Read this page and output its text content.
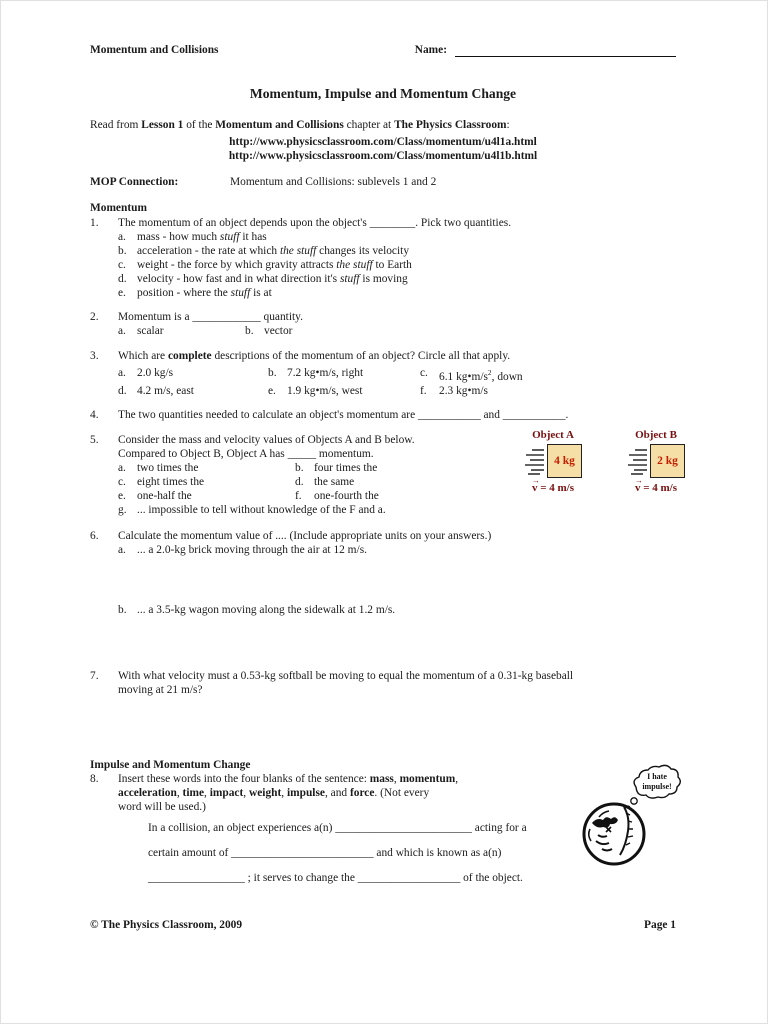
Momentum and Collisions	Name:
Momentum, Impulse and Momentum Change
Read from Lesson 1 of the Momentum and Collisions chapter at The Physics Classroom:
http://www.physicsclassroom.com/Class/momentum/u4l1a.html
http://www.physicsclassroom.com/Class/momentum/u4l1b.html
MOP Connection:	Momentum and Collisions: sublevels 1 and 2
Momentum
1.	The momentum of an object depends upon the object's ________. Pick two quantities.
a. mass - how much stuff it has
b. acceleration - the rate at which the stuff changes its velocity
c. weight - the force by which gravity attracts the stuff to Earth
d. velocity - how fast and in what direction it's stuff is moving
e. position - where the stuff is at
2.	Momentum is a ____________ quantity.
a. scalar	b. vector
3.	Which are complete descriptions of the momentum of an object? Circle all that apply.
a. 2.0 kg/s	b. 7.2 kg•m/s, right	c. 6.1 $kg•m/s^2$, down
d. 4.2 m/s, east	e. 1.9 kg•m/s, west	f.	2.3 kg•m/s
4.	The two quantities needed to calculate an object's momentum are ___________ and ___________.
5.	Consider the mass and velocity values of Objects A and B below.
Compared to Object B, Object A has _____ momentum.
a. two times the	b. four times the
c. eight times the	d. the same
e. one-half the	f.	one-fourth the
g. ... impossible to tell without knowledge of the F and a.
6.	Calculate the momentum value of .... (Include appropriate units on your answers.)
a. ... a 2.0-kg brick moving through the air at 12 m/s.
b. ... a 3.5-kg wagon moving along the sidewalk at 1.2 m/s.
7.	With what velocity must a 0.53-kg softball be moving to equal the momentum of a 0.31-kg baseball
moving at 21 m/s?
Impulse and Momentum Change
8.	Insert these words into the four blanks of the sentence: mass, momentum,
acceleration, time, impact, weight, impulse, and force. (Not every
word will be used.)
In a collision, an object experiences a(n) ________________________ acting for a
certain amount of _________________________ and which is known as a(n)
_________________ ; it serves to change the __________________ of the object.
Object A
4 kg
→ v = 4 m/s
Object B
2 kg
→ v = 4 m/s
I hate
impulse!
© The Physics Classroom, 2009	Page 1
